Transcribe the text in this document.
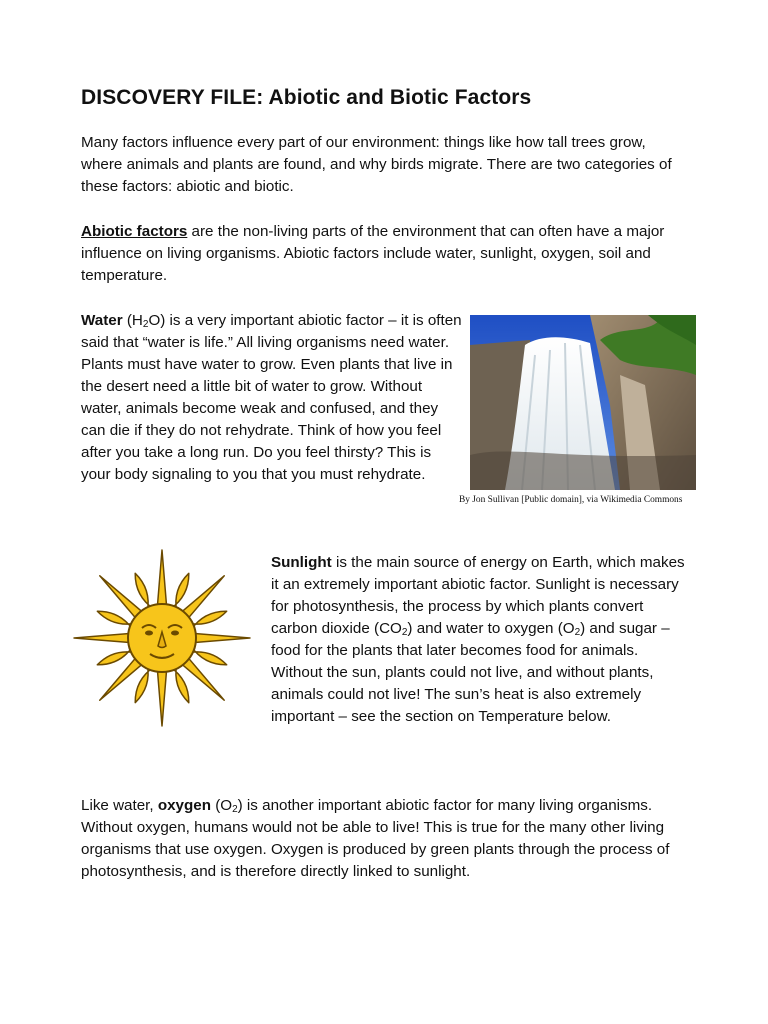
DISCOVERY FILE: Abiotic and Biotic Factors

Many factors influence every part of our environment: things like how tall trees grow, where animals and plants are found, and why birds migrate. There are two categories of these factors: abiotic and biotic.

Abiotic factors are the non-living parts of the environment that can often have a major influence on living organisms. Abiotic factors include water, sunlight, oxygen, soil and temperature.

Water $(H_2O)$ is a very important abiotic factor – it is often said that “water is life.” All living organisms need water. Plants must have water to grow. Even plants that live in the desert need a little bit of water to grow. Without water, animals become weak and confused, and they can die if they do not rehydrate. Think of how you feel after you take a long run. Do you feel thirsty? This is your body signaling to you that you must rehydrate.

By Jon Sullivan [Public domain], via Wikimedia Commons

Sunlight is the main source of energy on Earth, which makes it an extremely important abiotic factor. Sunlight is necessary for photosynthesis, the process by which plants convert carbon dioxide $(CO_2)$ and water to oxygen $(O_2)$ and sugar – food for the plants that later becomes food for animals. Without the sun, plants could not live, and without plants, animals could not live! The sun’s heat is also extremely important – see the section on Temperature below.

Like water, oxygen $(O_2)$ is another important abiotic factor for many living organisms. Without oxygen, humans would not be able to live! This is true for the many other living organisms that use oxygen. Oxygen is produced by green plants through the process of photosynthesis, and is therefore directly linked to sunlight.
